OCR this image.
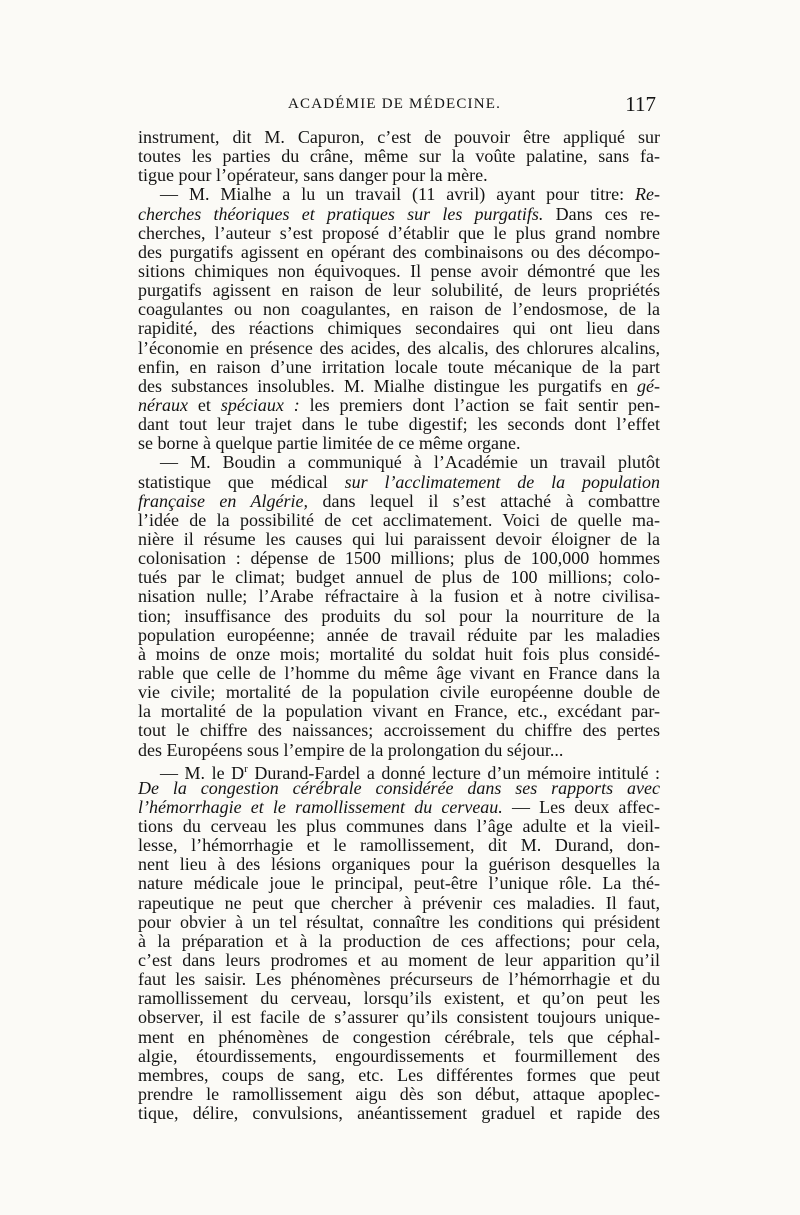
ACADÉMIE DE MÉDECINE.	117
instrument, dit M. Capuron, c’est de pouvoir être appliqué sur
toutes les parties du crâne, même sur la voûte palatine, sans fa-
tigue pour l’opérateur, sans danger pour la mère.
— M. Mialhe a lu un travail (11 avril) ayant pour titre: Re-
cherches théoriques et pratiques sur les purgatifs. Dans ces re-
cherches, l’auteur s’est proposé d’établir que le plus grand nombre
des purgatifs agissent en opérant des combinaisons ou des décompo-
sitions chimiques non équivoques. Il pense avoir démontré que les
purgatifs agissent en raison de leur solubilité, de leurs propriétés
coagulantes ou non coagulantes, en raison de l’endosmose, de la
rapidité, des réactions chimiques secondaires qui ont lieu dans
l’économie en présence des acides, des alcalis, des chlorures alcalins,
enfin, en raison d’une irritation locale toute mécanique de la part
des substances insolubles. M. Mialhe distingue les purgatifs en gé-
néraux et spéciaux : les premiers dont l’action se fait sentir pen-
dant tout leur trajet dans le tube digestif; les seconds dont l’effet
se borne à quelque partie limitée de ce même organe.
— M. Boudin a communiqué à l’Académie un travail plutôt
statistique que médical sur l’acclimatement de la population
française en Algérie, dans lequel il s’est attaché à combattre
l’idée de la possibilité de cet acclimatement. Voici de quelle ma-
nière il résume les causes qui lui paraissent devoir éloigner de la
colonisation : dépense de 1500 millions; plus de 100,000 hommes
tués par le climat; budget annuel de plus de 100 millions; colo-
nisation nulle; l’Arabe réfractaire à la fusion et à notre civilisa-
tion; insuffisance des produits du sol pour la nourriture de la
population européenne; année de travail réduite par les maladies
à moins de onze mois; mortalité du soldat huit fois plus considé-
rable que celle de l’homme du même âge vivant en France dans la
vie civile; mortalité de la population civile européenne double de
la mortalité de la population vivant en France, etc., excédant par-
tout le chiffre des naissances; accroissement du chiffre des pertes
des Européens sous l’empire de la prolongation du séjour...
— M. le $D^r$ Durand-Fardel a donné lecture d’un mémoire intitulé :
De la congestion cérébrale considérée dans ses rapports avec
l’hémorrhagie et le ramollissement du cerveau. — Les deux affec-
tions du cerveau les plus communes dans l’âge adulte et la vieil-
lesse, l’hémorrhagie et le ramollissement, dit M. Durand, don-
nent lieu à des lésions organiques pour la guérison desquelles la
nature médicale joue le principal, peut-être l’unique rôle. La thé-
rapeutique ne peut que chercher à prévenir ces maladies. Il faut,
pour obvier à un tel résultat, connaître les conditions qui président
à la préparation et à la production de ces affections; pour cela,
c’est dans leurs prodromes et au moment de leur apparition qu’il
faut les saisir. Les phénomènes précurseurs de l’hémorrhagie et du
ramollissement du cerveau, lorsqu’ils existent, et qu’on peut les
observer, il est facile de s’assurer qu’ils consistent toujours unique-
ment en phénomènes de congestion cérébrale, tels que céphal-
algie, étourdissements, engourdissements et fourmillement des
membres, coups de sang, etc. Les différentes formes que peut
prendre le ramollissement aigu dès son début, attaque apoplec-
tique, délire, convulsions, anéantissement graduel et rapide des
